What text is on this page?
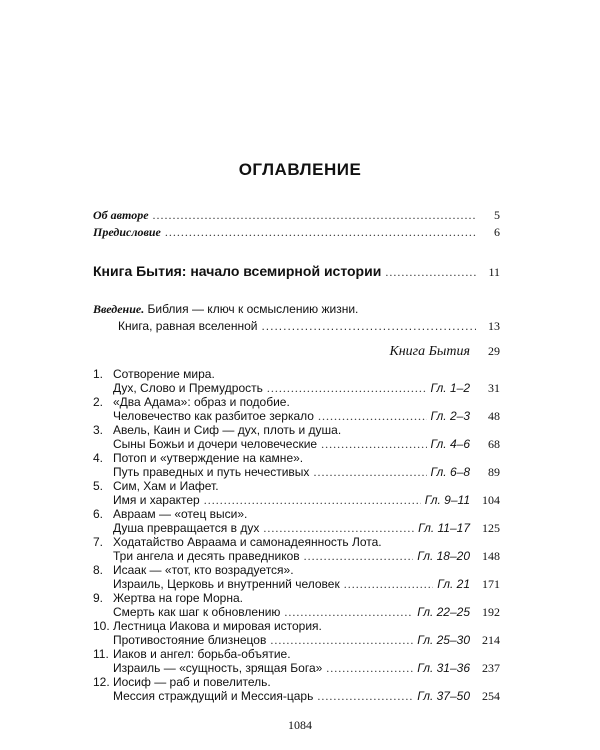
ОГЛАВЛЕНИЕ
Об авторе .....	5
Предисловие .....	6
Книга Бытия: начало всемирной истории .....	11
Введение. Библия — ключ к осмыслению жизни.
Книга, равная вселенной .....	13
Книга Бытия 29
1. Сотворение мира.
Дух, Слово и Премудрость .....	Гл. 1–2	31
2. «Два Адама»: образ и подобие.
Человечество как разбитое зеркало .....	Гл. 2–3	48
3. Авель, Каин и Сиф — дух, плоть и душа.
Сыны Божьи и дочери человеческие .....	Гл. 4–6	68
4. Потоп и «утверждение на камне».
Путь праведных и путь нечестивых .....	Гл. 6–8	89
5. Сим, Хам и Иафет.
Имя и характер .....	Гл. 9–11 104
6. Авраам — «отец выси».
Душа превращается в дух .....	Гл. 11–17 125
7. Ходатайство Авраама и самонадеянность Лота.
Три ангела и десять праведников .....	Гл. 18–20 148
8. Исаак — «тот, кто возрадуется».
Израиль, Церковь и внутренний человек .....	Гл. 21 171
9. Жертва на горе Морна.
Смерть как шаг к обновлению .....	Гл. 22–25 192
10. Лестница Иакова и мировая история.
Противостояние близнецов .....	Гл. 25–30 214
11. Иаков и ангел: борьба-объятие.
Израиль — «сущность, зрящая Бога» .....	Гл. 31–36 237
12. Иосиф — раб и повелитель.
Мессия страждущий и Мессия-царь .....	Гл. 37–50 254
1084
